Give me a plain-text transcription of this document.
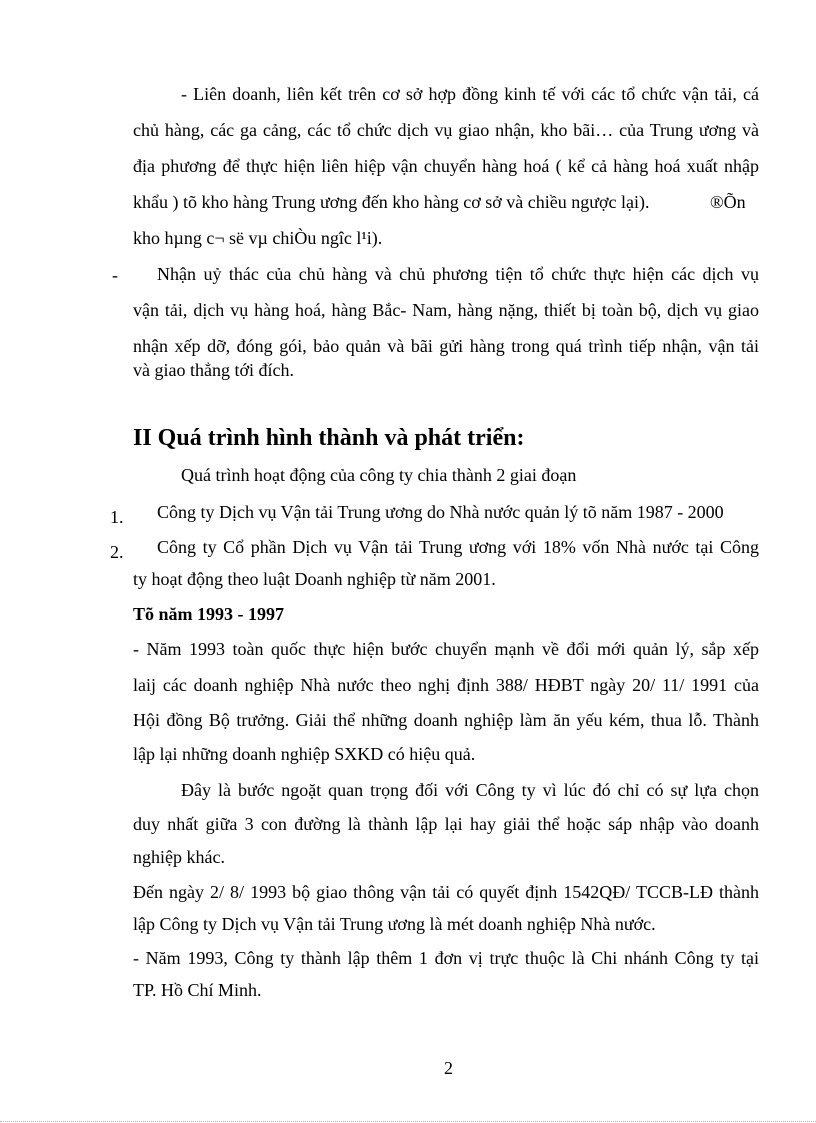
- Liên doanh, liên kết trên cơ sở hợp đồng kinh tế với các tổ chức vận tải, cá
chủ hàng, các ga cảng, các tổ chức dịch vụ giao nhận, kho bãi… của Trung ương và
địa phương để thực hiện liên hiệp vận chuyển hàng hoá ( kể cả hàng hoá xuất nhập
khẩu ) tõ kho hàng Trung ương đến kho hàng cơ sở và chiều ngược lại).	®Õn
kho hµng c¬ së vµ chiÒu ngîc l¹i).
- Nhận uỷ thác của chủ hàng và chủ phương tiện tổ chức thực hiện các dịch vụ
vận tải, dịch vụ hàng hoá, hàng Bắc- Nam, hàng nặng, thiết bị toàn bộ, dịch vụ giao
nhận xếp dỡ, đóng gói, bảo quản và bãi gửi hàng trong quá trình tiếp nhận, vận tải
và giao thẳng tới đích.
II Quá trình hình thành và phát triển:
Quá trình hoạt động của công ty chia thành 2 giai đoạn
1. Công ty Dịch vụ Vận tải Trung ương do Nhà nước quản lý tõ năm 1987 - 2000
2. Công ty Cổ phần Dịch vụ Vận tải Trung ương với 18% vốn Nhà nước tại Công
ty hoạt động theo luật Doanh nghiệp từ năm 2001.
Tõ năm 1993 - 1997
- Năm 1993 toàn quốc thực hiện bước chuyển mạnh về đổi mới quản lý, sắp xếp
laij các doanh nghiệp Nhà nước theo nghị định 388/ HĐBT ngày 20/ 11/ 1991 của
Hội đồng Bộ trưởng. Giải thể những doanh nghiệp làm ăn yếu kém, thua lỗ. Thành
lập lại những doanh nghiệp SXKD có hiệu quả.
Đây là bước ngoặt quan trọng đối với Công ty vì lúc đó chỉ có sự lựa chọn
duy nhất giữa 3 con đường là thành lập lại hay giải thể hoặc sáp nhập vào doanh
nghiệp khác.
Đến ngày 2/ 8/ 1993 bộ giao thông vận tải có quyết định 1542QĐ/ TCCB-LĐ thành
lập Công ty Dịch vụ Vận tải Trung ương là mét doanh nghiệp Nhà nước.
- Năm 1993, Công ty thành lập thêm 1 đơn vị trực thuộc là Chi nhánh Công ty tại
TP. Hồ Chí Minh.
2
